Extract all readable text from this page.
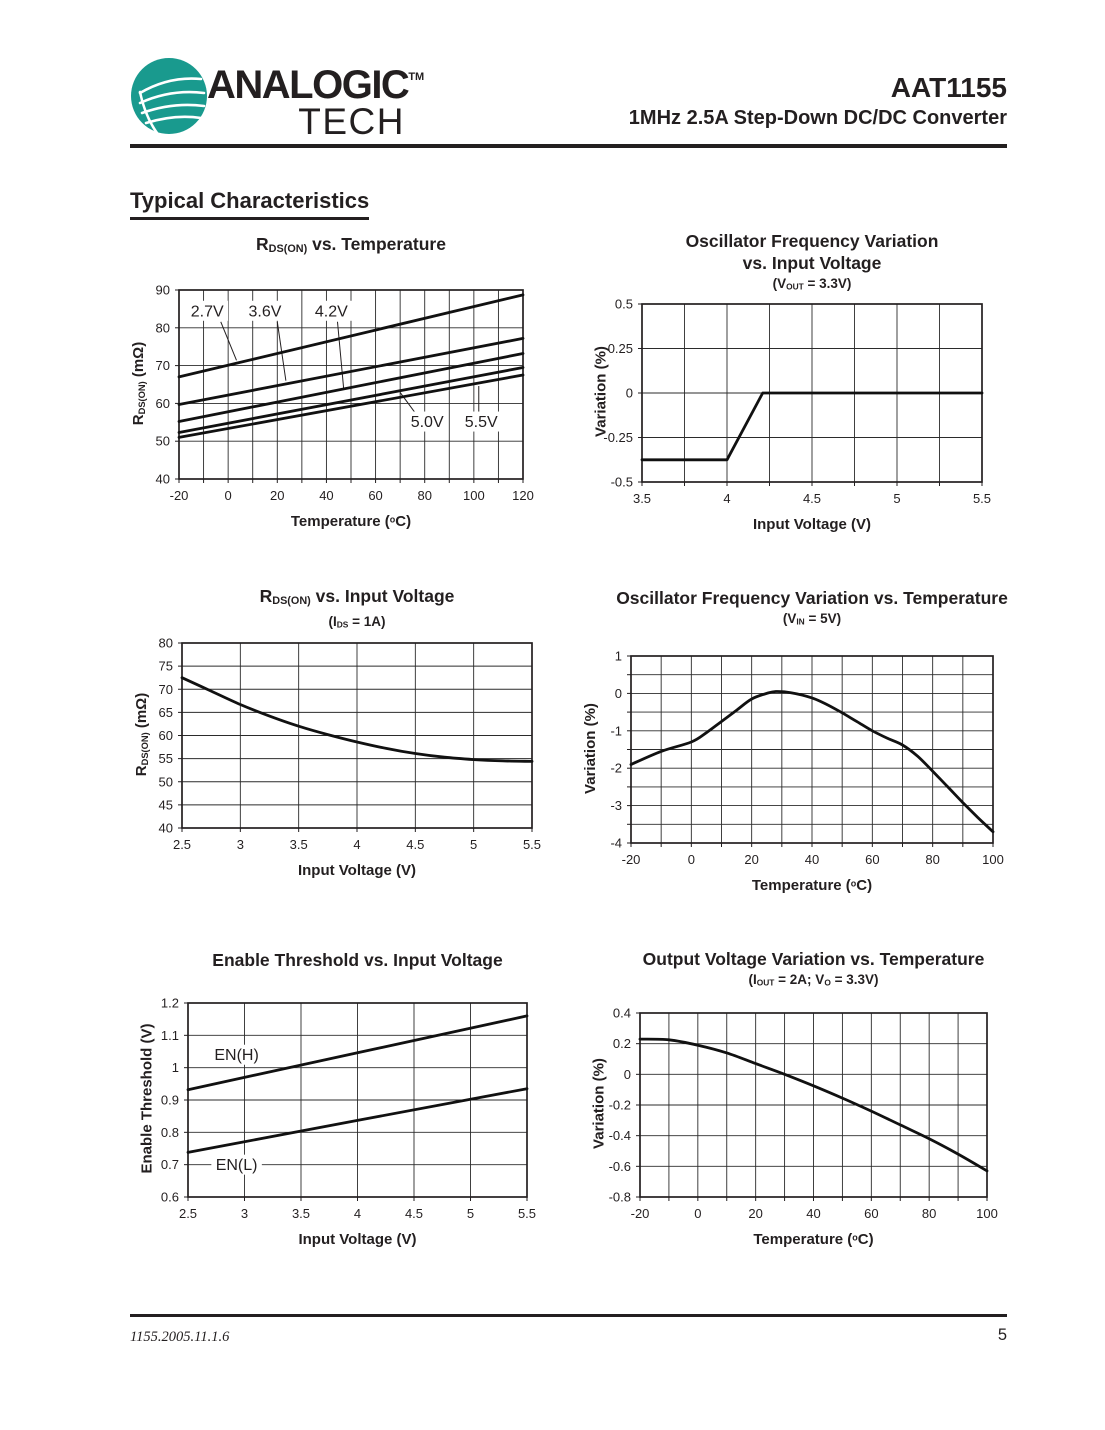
ANALOGIC™
TECH
AAT1155
1MHz 2.5A Step-Down DC/DC Converter
Typical Characteristics
$R_{DS(ON)}$ vs. Temperature
$R_{DS(ON)}$ (mΩ)
Temperature ($^o$C)
-20	0	20	40	60	80 100 120
40
50
60
70
80
90
2.7V 3.6V 4.2V
5.0V 5.5V
Oscillator Frequency Variation
vs. Input Voltage
$(V_{OUT} = 3.3V)$
Variation (%)
Input Voltage (V)
3.5	4	4.5	5	5.5
-0.5
-0.25
0
0.25
0.5
$R_{DS(ON)}$ vs. Input Voltage
$(I_{DS} = 1A)$
$R_{DS(ON)}$ (mΩ)
Input Voltage (V)
2.5	3	3.5	4	4.5	5	5.5
40
45
50
55
60
65
70
75
80
Oscillator Frequency Variation vs. Temperature
$(V_{IN} = 5V)$
Variation (%)
Temperature ($^o$C)
-20	0	20	40	60	80	100
-4
-3
-2
-1
0
1
Enable Threshold vs. Input Voltage
Enable Threshold (V)
Input Voltage (V)
2.5	3	3.5	4	4.5	5	5.5
0.6
0.7
0.8
0.9
1
1.1
1.2
EN(H)
EN(L)
Output Voltage Variation vs. Temperature
($I_{OUT} = 2A$; $V_O = 3.3V$)
Variation (%)
Temperature ($^o$C)
-20	0	20	40	60	80	100
-0.8
-0.6
-0.4
-0.2
0
0.2
0.4
1155.2005.11.1.6	5
